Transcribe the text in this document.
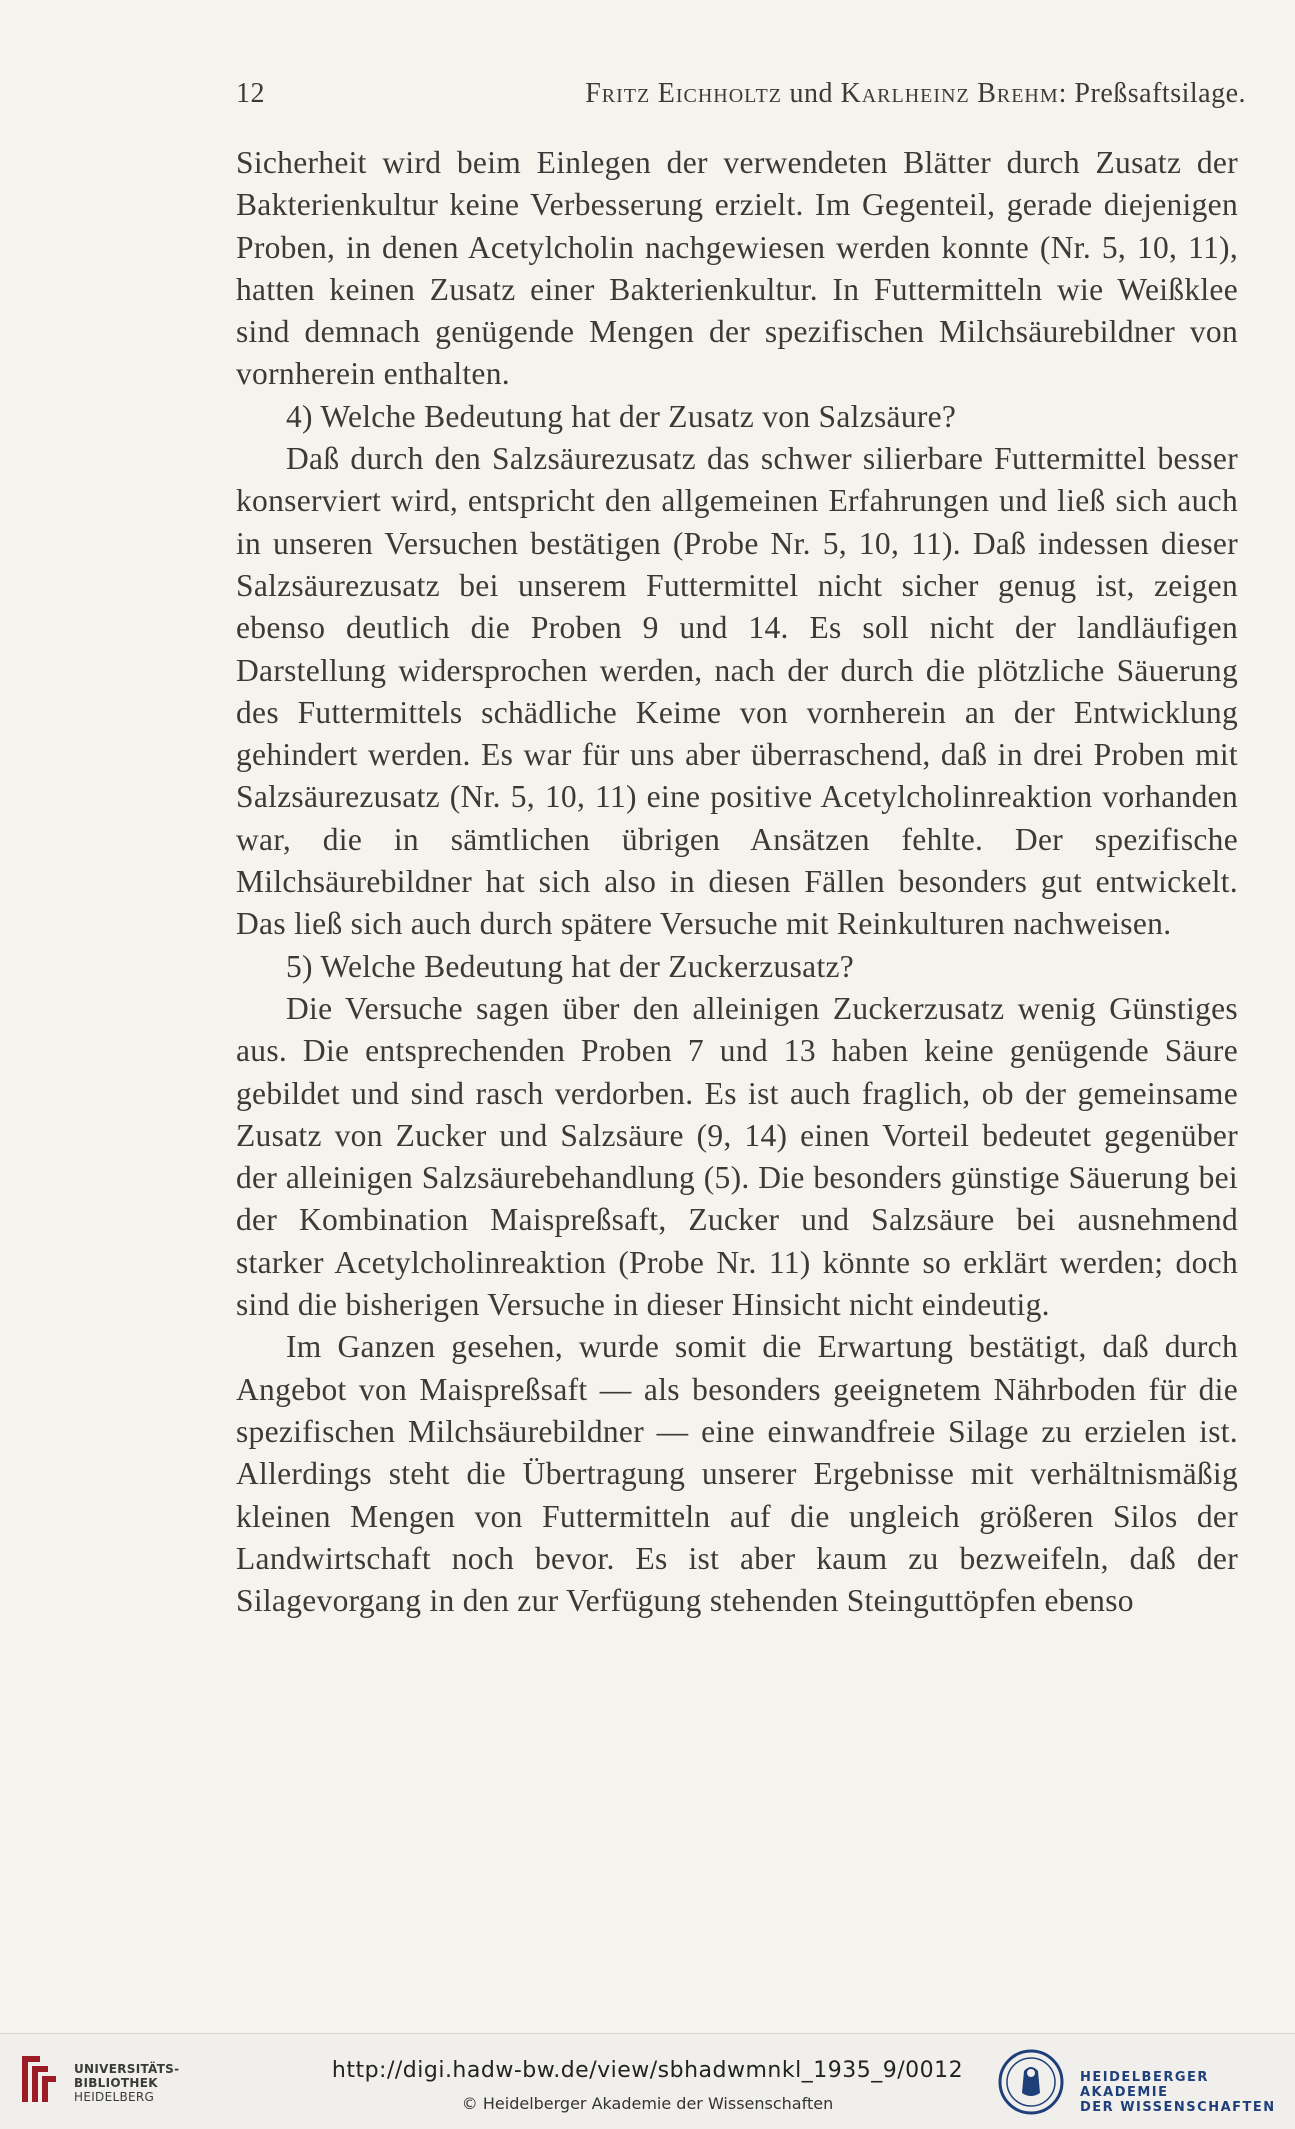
12	Fritz Eichholtz und Karlheinz Brehm: Preßsaftsilage.

Sicherheit wird beim Einlegen der verwendeten Blätter durch Zusatz der Bakterienkultur keine Verbesserung erzielt. Im Gegenteil, gerade diejenigen Proben, in denen Acetylcholin nachgewiesen werden konnte (Nr. 5, 10, 11), hatten keinen Zusatz einer Bakterienkultur. In Futtermitteln wie Weißklee sind demnach genügende Mengen der spezifischen Milchsäurebildner von vornherein enthalten.

4) Welche Bedeutung hat der Zusatz von Salzsäure?

Daß durch den Salzsäurezusatz das schwer silierbare Futtermittel besser konserviert wird, entspricht den allgemeinen Erfahrungen und ließ sich auch in unseren Versuchen bestätigen (Probe Nr. 5, 10, 11). Daß indessen dieser Salzsäurezusatz bei unserem Futtermittel nicht sicher genug ist, zeigen ebenso deutlich die Proben 9 und 14. Es soll nicht der landläufigen Darstellung widersprochen werden, nach der durch die plötzliche Säuerung des Futtermittels schädliche Keime von vornherein an der Entwicklung gehindert werden. Es war für uns aber überraschend, daß in drei Proben mit Salzsäurezusatz (Nr. 5, 10, 11) eine positive Acetylcholinreaktion vorhanden war, die in sämtlichen übrigen Ansätzen fehlte. Der spezifische Milchsäurebildner hat sich also in diesen Fällen besonders gut entwickelt. Das ließ sich auch durch spätere Versuche mit Reinkulturen nachweisen.

5) Welche Bedeutung hat der Zuckerzusatz?

Die Versuche sagen über den alleinigen Zuckerzusatz wenig Günstiges aus. Die entsprechenden Proben 7 und 13 haben keine genügende Säure gebildet und sind rasch verdorben. Es ist auch fraglich, ob der gemeinsame Zusatz von Zucker und Salzsäure (9, 14) einen Vorteil bedeutet gegenüber der alleinigen Salzsäurebehandlung (5). Die besonders günstige Säuerung bei der Kombination Maispreßsaft, Zucker und Salzsäure bei ausnehmend starker Acetylcholinreaktion (Probe Nr. 11) könnte so erklärt werden; doch sind die bisherigen Versuche in dieser Hinsicht nicht eindeutig.

Im Ganzen gesehen, wurde somit die Erwartung bestätigt, daß durch Angebot von Maispreßsaft — als besonders geeignetem Nährboden für die spezifischen Milchsäurebildner — eine einwandfreie Silage zu erzielen ist. Allerdings steht die Übertragung unserer Ergebnisse mit verhältnismäßig kleinen Mengen von Futtermitteln auf die ungleich größeren Silos der Landwirtschaft noch bevor. Es ist aber kaum zu bezweifeln, daß der Silagevorgang in den zur Verfügung stehenden Steinguttöpfen ebenso

UNIVERSITÄTS-
BIBLIOTHEK
HEIDELBERG
http://digi.hadw-bw.de/view/sbhadwmnkl_1935_9/0012
© Heidelberger Akademie der Wissenschaften
HEIDELBERGER AKADEMIE
DER WISSENSCHAFTEN
